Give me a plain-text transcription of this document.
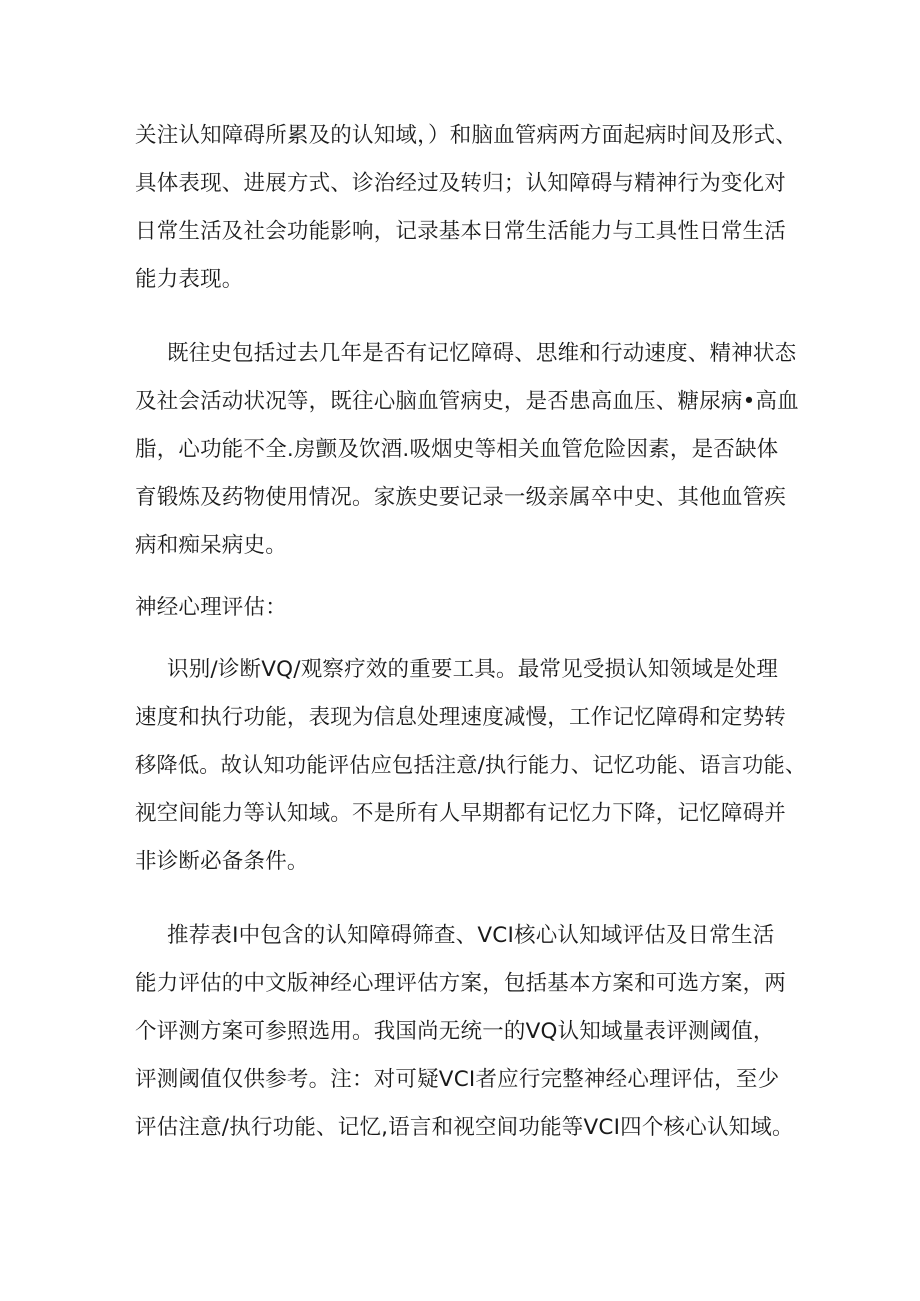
关注认知障碍所累及的认知域，）和脑血管病两方面起病时间及形式、
具体表现、进展方式、诊治经过及转归；认知障碍与精神行为变化对
日常生活及社会功能影响，记录基本日常生活能力与工具性日常生活
能力表现。

既往史包括过去几年是否有记忆障碍、思维和行动速度、精神状态
及社会活动状况等，既往心脑血管病史，是否患高血压、糖尿病•高血
脂，心功能不全.房颤及饮酒.吸烟史等相关血管危险因素，是否缺体
育锻炼及药物使用情况。家族史要记录一级亲属卒中史、其他血管疾
病和痴呆病史。

神经心理评估：

识别/诊断VQ/观察疗效的重要工具。最常见受损认知领域是处理
速度和执行功能，表现为信息处理速度减慢，工作记忆障碍和定势转
移降低。故认知功能评估应包括注意/执行能力、记忆功能、语言功能、
视空间能力等认知域。不是所有人早期都有记忆力下降，记忆障碍并
非诊断必备条件。

推荐表I中包含的认知障碍筛查、VCI核心认知域评估及日常生活
能力评估的中文版神经心理评估方案，包括基本方案和可选方案，两
个评测方案可参照选用。我国尚无统一的VQ认知域量表评测阈值，
评测阈值仅供参考。注：对可疑VCI者应行完整神经心理评估，至少
评估注意/执行功能、记忆,语言和视空间功能等VCI四个核心认知域。
